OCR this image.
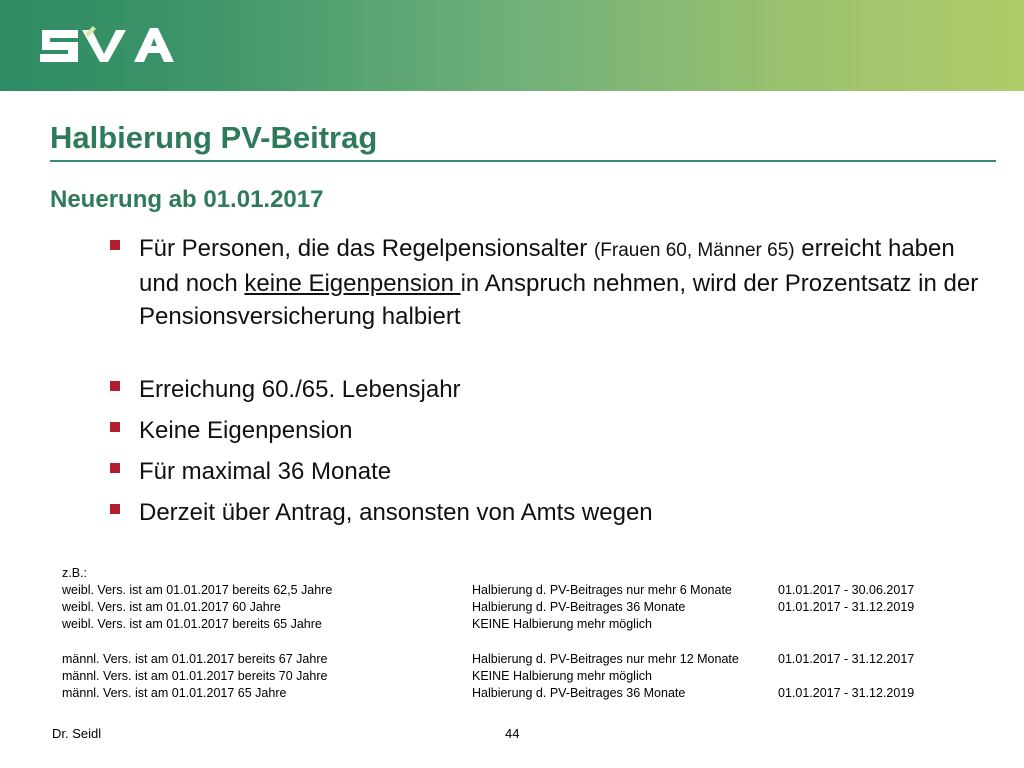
Halbierung PV-Beitrag
Neuerung ab 01.01.2017
Für Personen, die das Regelpensionsalter (Frauen 60, Männer 65) erreicht haben und noch keine Eigenpension in Anspruch nehmen, wird der Prozentsatz in der Pensionsversicherung halbiert
Erreichung 60./65. Lebensjahr
Keine Eigenpension
Für maximal 36 Monate
Derzeit über Antrag, ansonsten von Amts wegen
z.B.:
weibl. Vers. ist am 01.01.2017 bereits 62,5 Jahre	Halbierung d. PV-Beitrages nur mehr 6 Monate	01.01.2017 - 30.06.2017
weibl. Vers. ist am 01.01.2017 60 Jahre	Halbierung d. PV-Beitrages 36 Monate	01.01.2017 - 31.12.2019
weibl. Vers. ist am 01.01.2017 bereits 65 Jahre	KEINE Halbierung mehr möglich
männl. Vers. ist am 01.01.2017 bereits 67 Jahre	Halbierung d. PV-Beitrages nur mehr 12 Monate	01.01.2017 - 31.12.2017
männl. Vers. ist am 01.01.2017 bereits 70 Jahre	KEINE Halbierung mehr möglich
männl. Vers. ist am 01.01.2017 65 Jahre	Halbierung d. PV-Beitrages 36 Monate	01.01.2017 - 31.12.2019
Dr. Seidl	44
